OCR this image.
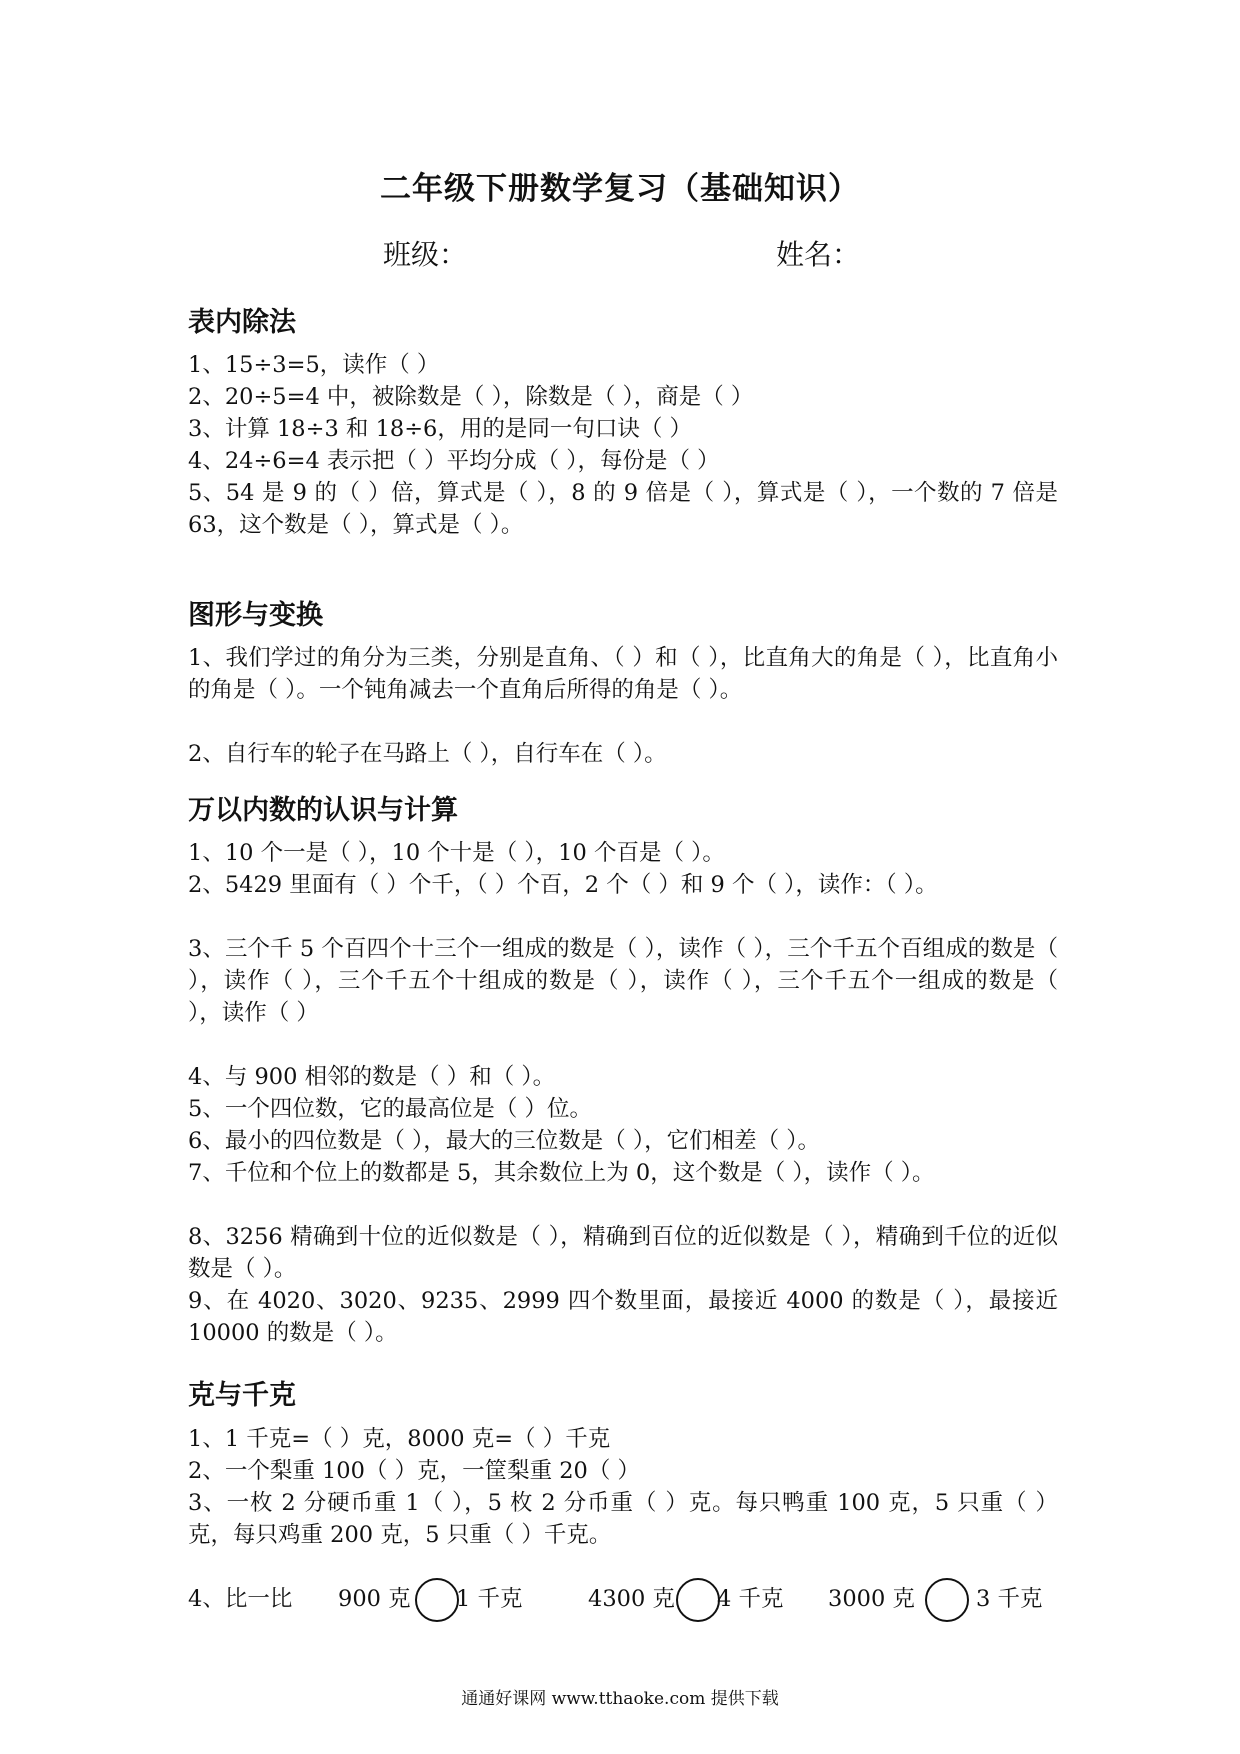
二年级下册数学复习（基础知识）
班级：	姓名：
表内除法
1、15÷3=5，读作（ ）
2、20÷5=4 中，被除数是（ ），除数是（ ），商是（ ）
3、计算 18÷3 和 18÷6，用的是同一句口诀（ ）
4、24÷6=4 表示把（ ）平均分成（ ），每份是（ ）
5、54 是 9 的（ ）倍，算式是（ ），8 的 9 倍是（ ），算式是（ ），一个数的 7 倍是 63，这个数是（ ），算式是（ ）。
图形与变换
1、我们学过的角分为三类，分别是直角、（ ）和（ ），比直角大的角是（ ），比直角小的角是（ ）。一个钝角减去一个直角后所得的角是（ ）。
2、自行车的轮子在马路上（ ），自行车在（ ）。
万以内数的认识与计算
1、10 个一是（ ），10 个十是（ ），10 个百是（ ）。
2、5429 里面有（ ）个千，（ ）个百，2 个（ ）和 9 个（ ），读作：（ ）。
3、三个千 5 个百四个十三个一组成的数是（ ），读作（ ），三个千五个百组成的数是（ ），读作（ ），三个千五个十组成的数是（ ），读作（ ），三个千五个一组成的数是（ ），读作（ ）
4、与 900 相邻的数是（ ）和（ ）。
5、一个四位数，它的最高位是（ ）位。
6、最小的四位数是（ ），最大的三位数是（ ），它们相差（ ）。
7、千位和个位上的数都是 5，其余数位上为 0，这个数是（ ），读作（ ）。
8、3256 精确到十位的近似数是（ ），精确到百位的近似数是（ ），精确到千位的近似数是（ ）。
9、在 4020、3020、9235、2999 四个数里面，最接近 4000 的数是（ ），最接近 10000 的数是（ ）。
克与千克
1、1 千克=（ ）克，8000 克=（ ）千克
2、一个梨重 100（ ）克，一筐梨重 20（ ）
3、一枚 2 分硬币重 1（ ），5 枚 2 分币重（ ）克。每只鸭重 100 克，5 只重（ ）克，每只鸡重 200 克，5 只重（ ）千克。
4、比一比 900 克 1 千克	4300 克 4 千克 3000 克	3 千克
通通好课网 www.tthaoke.com 提供下载
